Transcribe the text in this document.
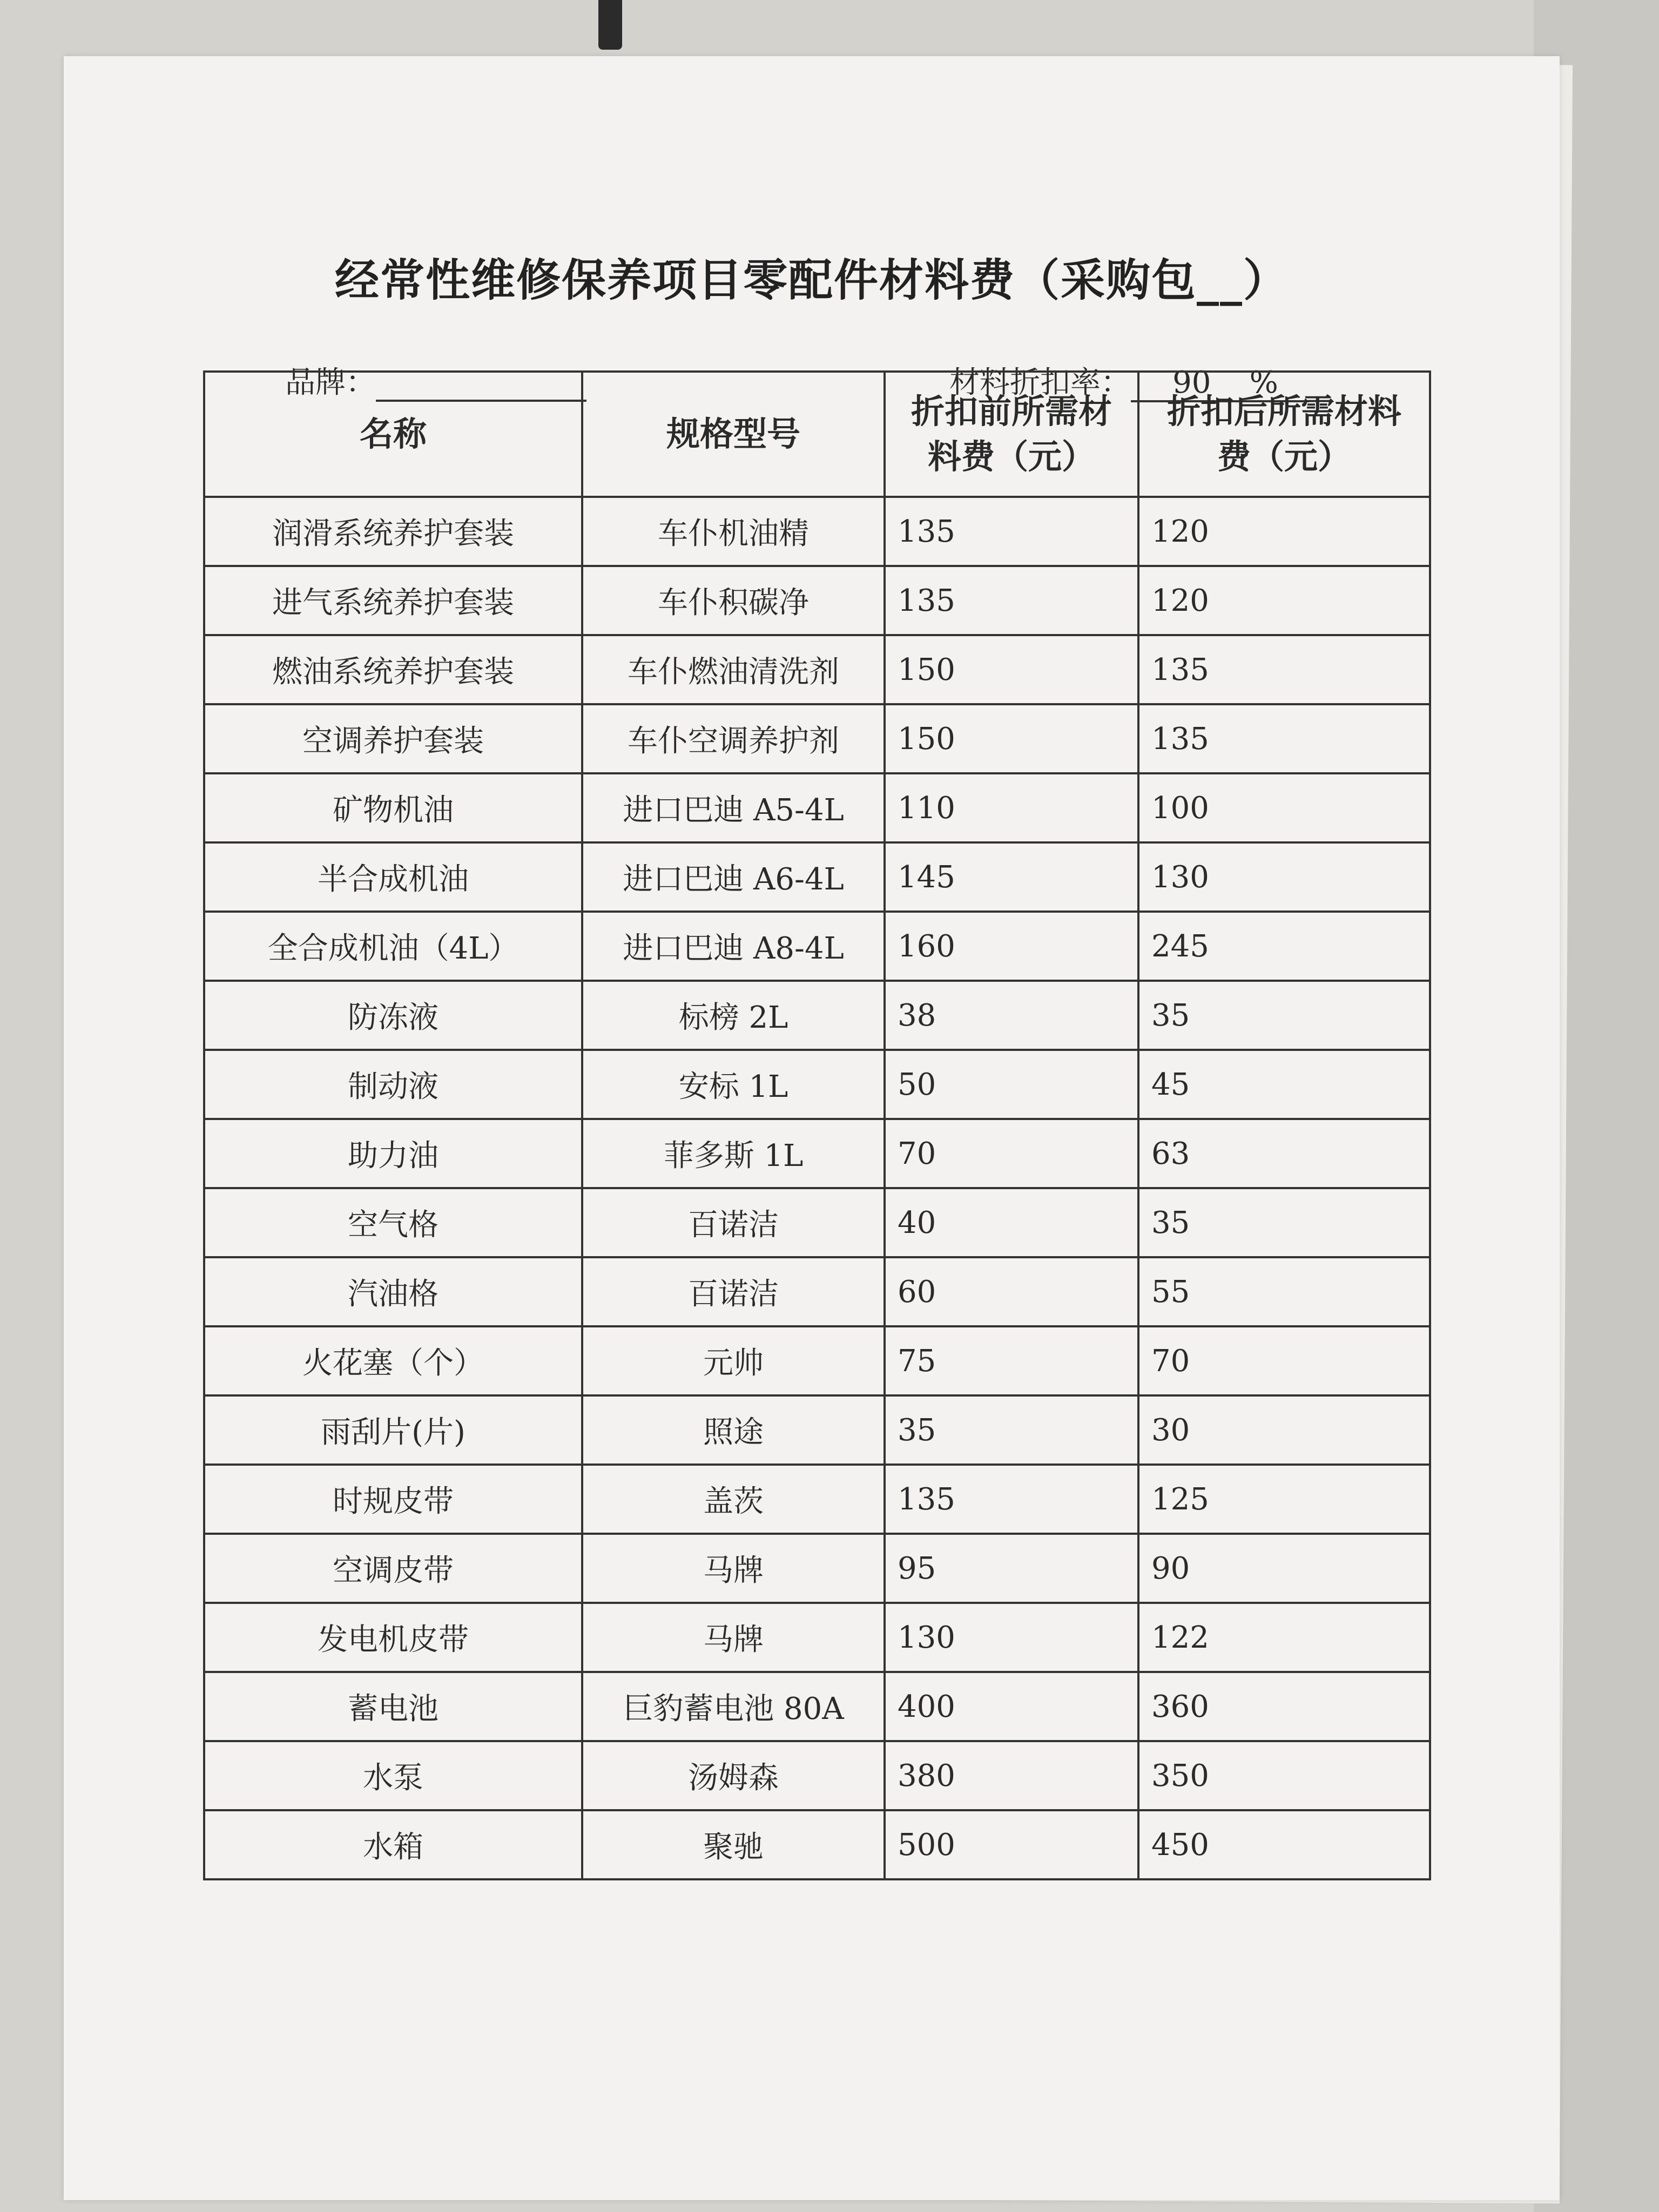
经常性维修保养项目零配件材料费（采购包__）
品牌：	材料折扣率： 90 %
名称	规格型号	折扣前所需材料费（元）	折扣后所需材料费（元）
润滑系统养护套装	车仆机油精	135	120
进气系统养护套装	车仆积碳净	135	120
燃油系统养护套装	车仆燃油清洗剂	150	135
空调养护套装	车仆空调养护剂	150	135
矿物机油	进口巴迪 A5-4L	110	100
半合成机油	进口巴迪 A6-4L	145	130
全合成机油（4L）	进口巴迪 A8-4L	160	245
防冻液	标榜 2L	38	35
制动液	安标 1L	50	45
助力油	菲多斯 1L	70	63
空气格	百诺洁	40	35
汽油格	百诺洁	60	55
火花塞（个）	元帅	75	70
雨刮片(片)	照途	35	30
时规皮带	盖茨	135	125
空调皮带	马牌	95	90
发电机皮带	马牌	130	122
蓄电池	巨豹蓄电池 80A	400	360
水泵	汤姆森	380	350
水箱	聚驰	500	450
